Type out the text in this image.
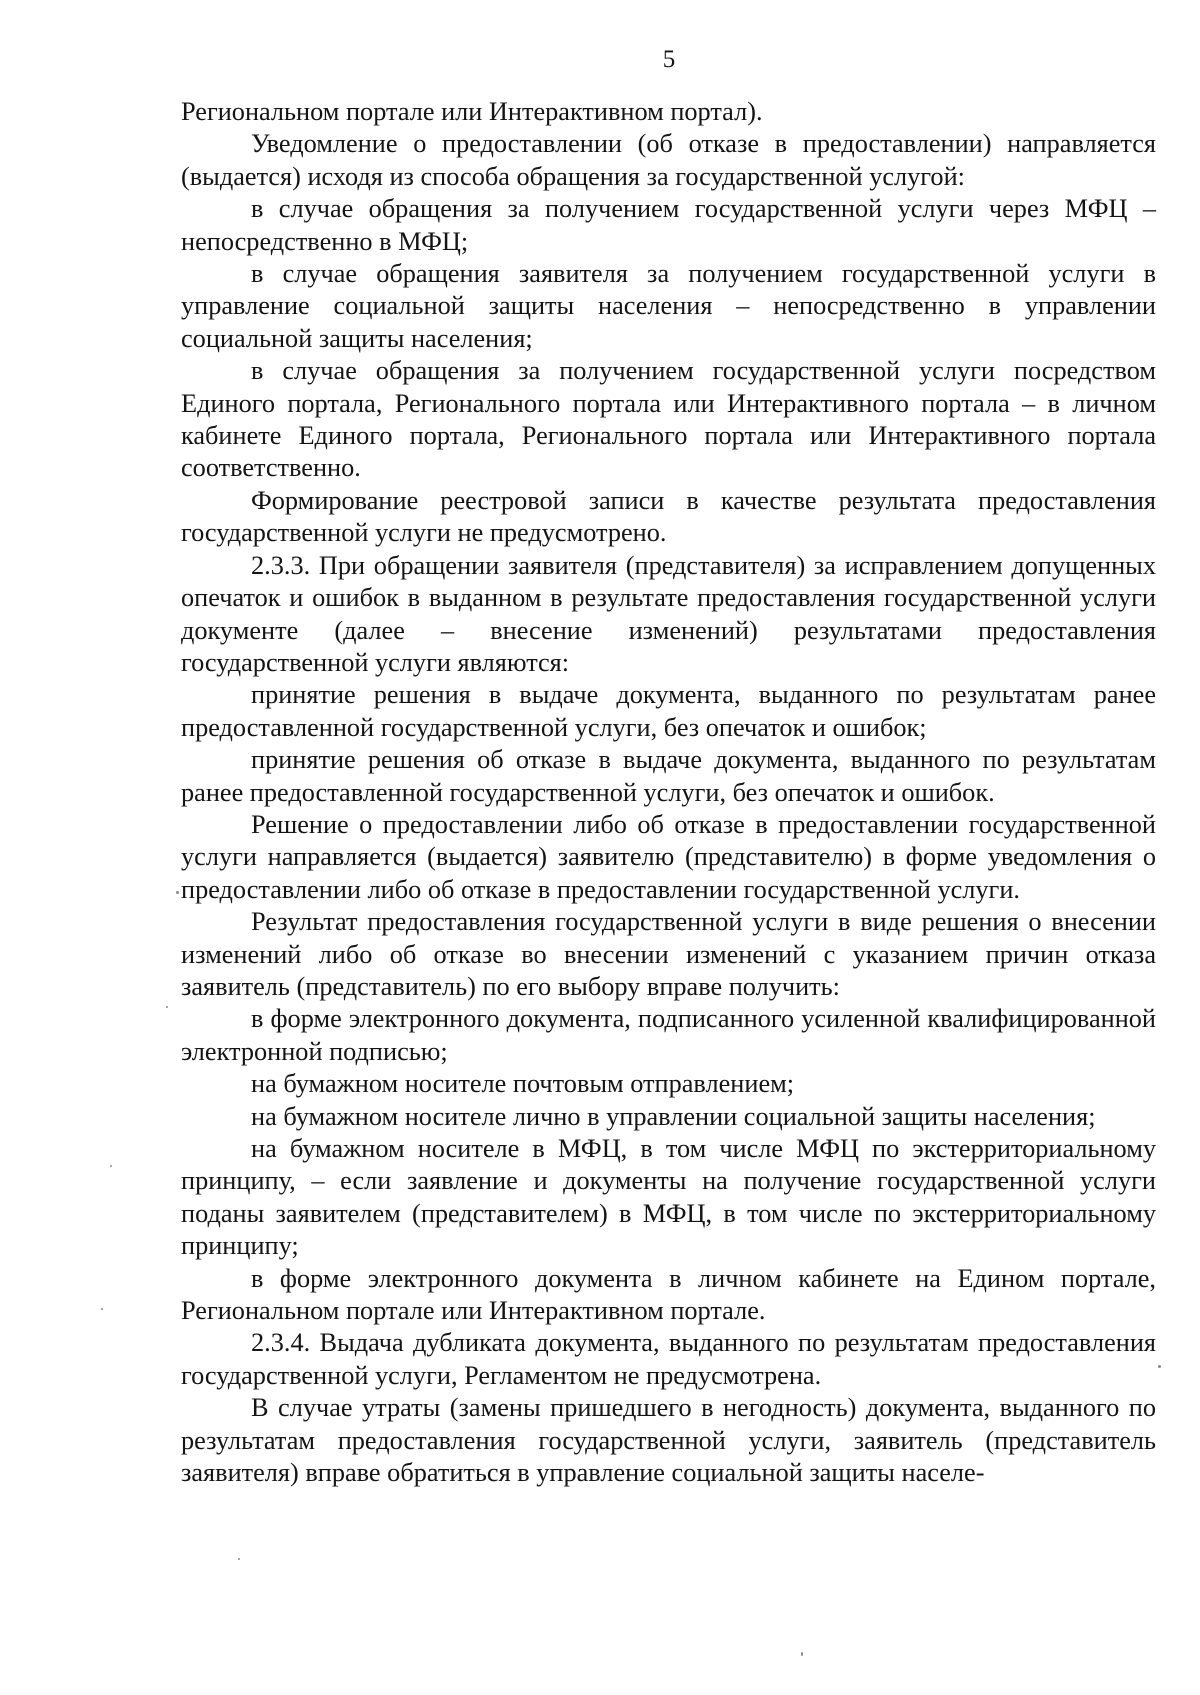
5

Региональном портале или Интерактивном портал).

Уведомление о предоставлении (об отказе в предоставлении) направляется (выдается) исходя из способа обращения за государственной услугой:

в случае обращения за получением государственной услуги через МФЦ – непосредственно в МФЦ;

в случае обращения заявителя за получением государственной услуги в управление социальной защиты населения – непосредственно в управлении социальной защиты населения;

в случае обращения за получением государственной услуги посредством Единого портала, Регионального портала или Интерактивного портала – в личном кабинете Единого портала, Регионального портала или Интерактивного портала соответственно.

Формирование реестровой записи в качестве результата предоставления государственной услуги не предусмотрено.

2.3.3. При обращении заявителя (представителя) за исправлением допущенных опечаток и ошибок в выданном в результате предоставления государственной услуги документе (далее – внесение изменений) результатами предоставления государственной услуги являются:

принятие решения в выдаче документа, выданного по результатам ранее предоставленной государственной услуги, без опечаток и ошибок;

принятие решения об отказе в выдаче документа, выданного по результатам ранее предоставленной государственной услуги, без опечаток и ошибок.

Решение о предоставлении либо об отказе в предоставлении государственной услуги направляется (выдается) заявителю (представителю) в форме уведомления о предоставлении либо об отказе в предоставлении государственной услуги.

Результат предоставления государственной услуги в виде решения о внесении изменений либо об отказе во внесении изменений с указанием причин отказа заявитель (представитель) по его выбору вправе получить:

в форме электронного документа, подписанного усиленной квалифицированной электронной подписью;

на бумажном носителе почтовым отправлением;

на бумажном носителе лично в управлении социальной защиты населения;

на бумажном носителе в МФЦ, в том числе МФЦ по экстерриториальному принципу, – если заявление и документы на получение государственной услуги поданы заявителем (представителем) в МФЦ, в том числе по экстерриториальному принципу;

в форме электронного документа в личном кабинете на Едином портале, Региональном портале или Интерактивном портале.

2.3.4. Выдача дубликата документа, выданного по результатам предоставления государственной услуги, Регламентом не предусмотрена.

В случае утраты (замены пришедшего в негодность) документа, выданного по результатам предоставления государственной услуги, заявитель (представитель заявителя) вправе обратиться в управление социальной защиты населе-
